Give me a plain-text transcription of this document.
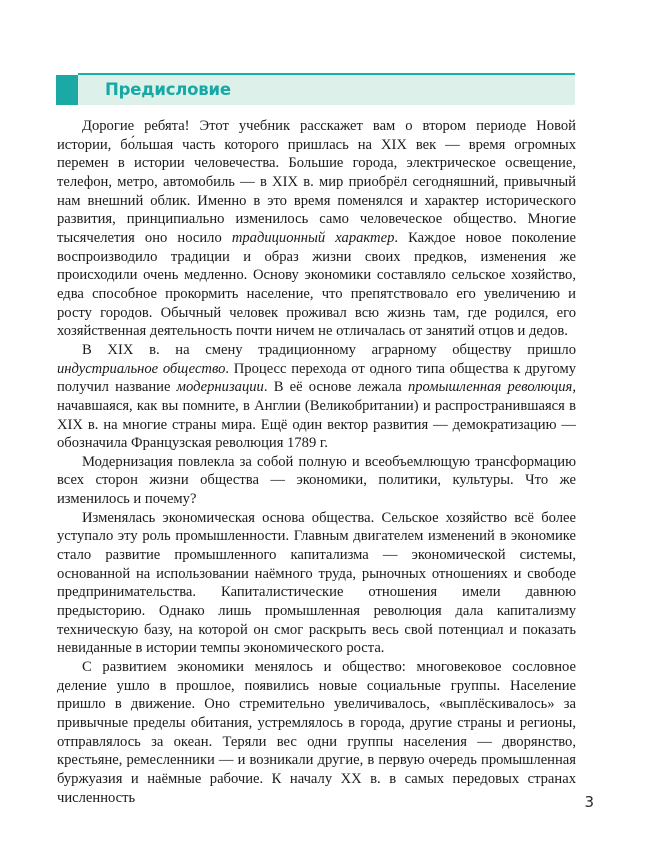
Предисловие

Дорогие ребята! Этот учебник расскажет вам о втором периоде Новой истории, бо́льшая часть которого пришлась на XIX век — время огромных перемен в истории человечества. Большие города, электрическое освещение, телефон, метро, автомобиль — в XIX в. мир приобрёл сегодняшний, привычный нам внешний облик. Именно в это время поменялся и характер исторического развития, принципиально изменилось само человеческое общество. Многие тысячелетия оно носило традиционный характер. Каждое новое поколение воспроизводило традиции и образ жизни своих предков, изменения же происходили очень медленно. Основу экономики составляло сельское хозяйство, едва способное прокормить население, что препятствовало его увеличению и росту городов. Обычный человек проживал всю жизнь там, где родился, его хозяйственная деятельность почти ничем не отличалась от занятий отцов и дедов.

В XIX в. на смену традиционному аграрному обществу пришло индустриальное общество. Процесс перехода от одного типа общества к другому получил название модернизации. В её основе лежала промышленная революция, начавшаяся, как вы помните, в Англии (Великобритании) и распространившаяся в XIX в. на многие страны мира. Ещё один вектор развития — демократизацию — обозначила Французская революция 1789 г.

Модернизация повлекла за собой полную и всеобъемлющую трансформацию всех сторон жизни общества — экономики, политики, культуры. Что же изменилось и почему?

Изменялась экономическая основа общества. Сельское хозяйство всё более уступало эту роль промышленности. Главным двигателем изменений в экономике стало развитие промышленного капитализма — экономической системы, основанной на использовании наёмного труда, рыночных отношениях и свободе предпринимательства. Капиталистические отношения имели давнюю предысторию. Однако лишь промышленная революция дала капитализму техническую базу, на которой он смог раскрыть весь свой потенциал и показать невиданные в истории темпы экономического роста.

С развитием экономики менялось и общество: многовековое сословное деление ушло в прошлое, появились новые социальные группы. Население пришло в движение. Оно стремительно увеличивалось, «выплёскивалось» за привычные пределы обитания, устремлялось в города, другие страны и регионы, отправлялось за океан. Теряли вес одни группы населения — дворянство, крестьяне, ремесленники — и возникали другие, в первую очередь промышленная буржуазия и наёмные рабочие. К началу XX в. в самых передовых странах численность	3
